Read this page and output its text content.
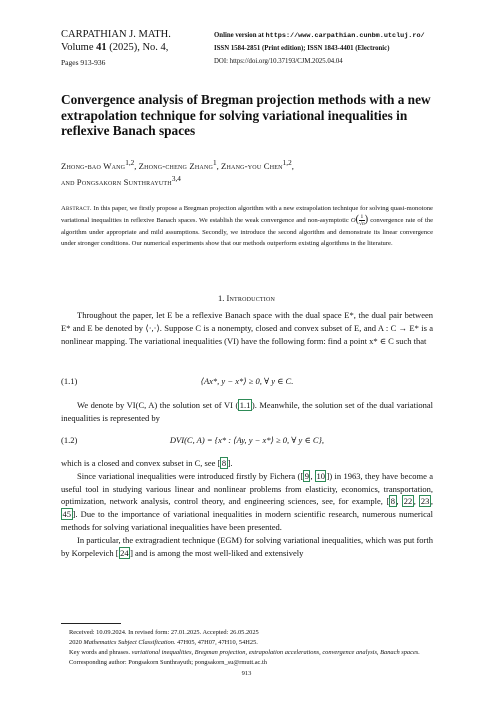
CARPATHIAN J. MATH.
Volume 41 (2025), No. 4,
Pages 913-936
Online version at https://www.carpathian.cunbm.utcluj.ro/
ISSN 1584-2851 (Print edition); ISSN 1843-4401 (Electronic)
DOI: https://doi.org/10.37193/CJM.2025.04.04
Convergence analysis of Bregman projection methods with a new extrapolation technique for solving variational inequalities in reflexive Banach spaces
Zhong-bao Wang$^{1,2}$, Zhong-cheng Zhang$^1$, Zhang-you Chen$^{1,2}$,
and Pongsakorn Sunthrayuth$^{3,4}$
Abstract. In this paper, we firstly propose a Bregman projection algorithm with a new extrapolation technique for solving quasi-monotone variational inequalities in reflexive Banach spaces. We establish the weak convergence and non-asymptotic $O( \frac{1}{√n}$ ) convergence rate of the algorithm under appropriate and mild assumptions. Secondly, we introduce the second algorithm and demonstrate its linear convergence under stronger conditions. Our numerical experiments show that our methods outperform existing algorithms in the literature.
1. Introduction
Throughout the paper, let E be a reflexive Banach space with the dual space E*, the dual pair between E* and E be denoted by ⟨·,·⟩. Suppose C is a nonempty, closed and convex subset of E, and A : C → E* is a nonlinear mapping. The variational inequalities (VI) have the following form: find a point x* ∈ C such that
(1.1)	⟨Ax*, y − x*⟩ ≥ 0, ∀ y ∈ C.
We denote by VI(C, A) the solution set of VI ( 1.1 ). Meanwhile, the solution set of the dual variational inequalities is represented by
(1.2)	DVI(C, A) = {x* : ⟨Ay, y − x*⟩ ≥ 0, ∀ y ∈ C},
which is a closed and convex subset in C, see [ 8 ].
Since variational inequalities were introduced firstly by Fichera ([ 9 , 10 ]) in 1963, they have become a useful tool in studying various linear and nonlinear problems from elasticity, economics, transportation, optimization, network analysis, control theory, and engineering sciences, see, for example, [ 8 , 22 , 23 , 45 ]. Due to the importance of variational inequalities in modern scientific research, numerous numerical methods for solving variational inequalities have been presented.
In particular, the extragradient technique (EGM) for solving variational inequalities, which was put forth by Korpelevich [ 24 ] and is among the most well-liked and extensively
Received: 10.09.2024. In revised form: 27.01.2025. Accepted: 26.05.2025
2020 Mathematics Subject Classification. 47H05, 47H07, 47H10, 54H25.
Key words and phrases. variational inequalities, Bregman projection, extrapolation accelerations, convergence analysis, Banach spaces.
Corresponding author: Pongsakorn Sunthrayuth; pongsakorn_su@rmutt.ac.th
913
